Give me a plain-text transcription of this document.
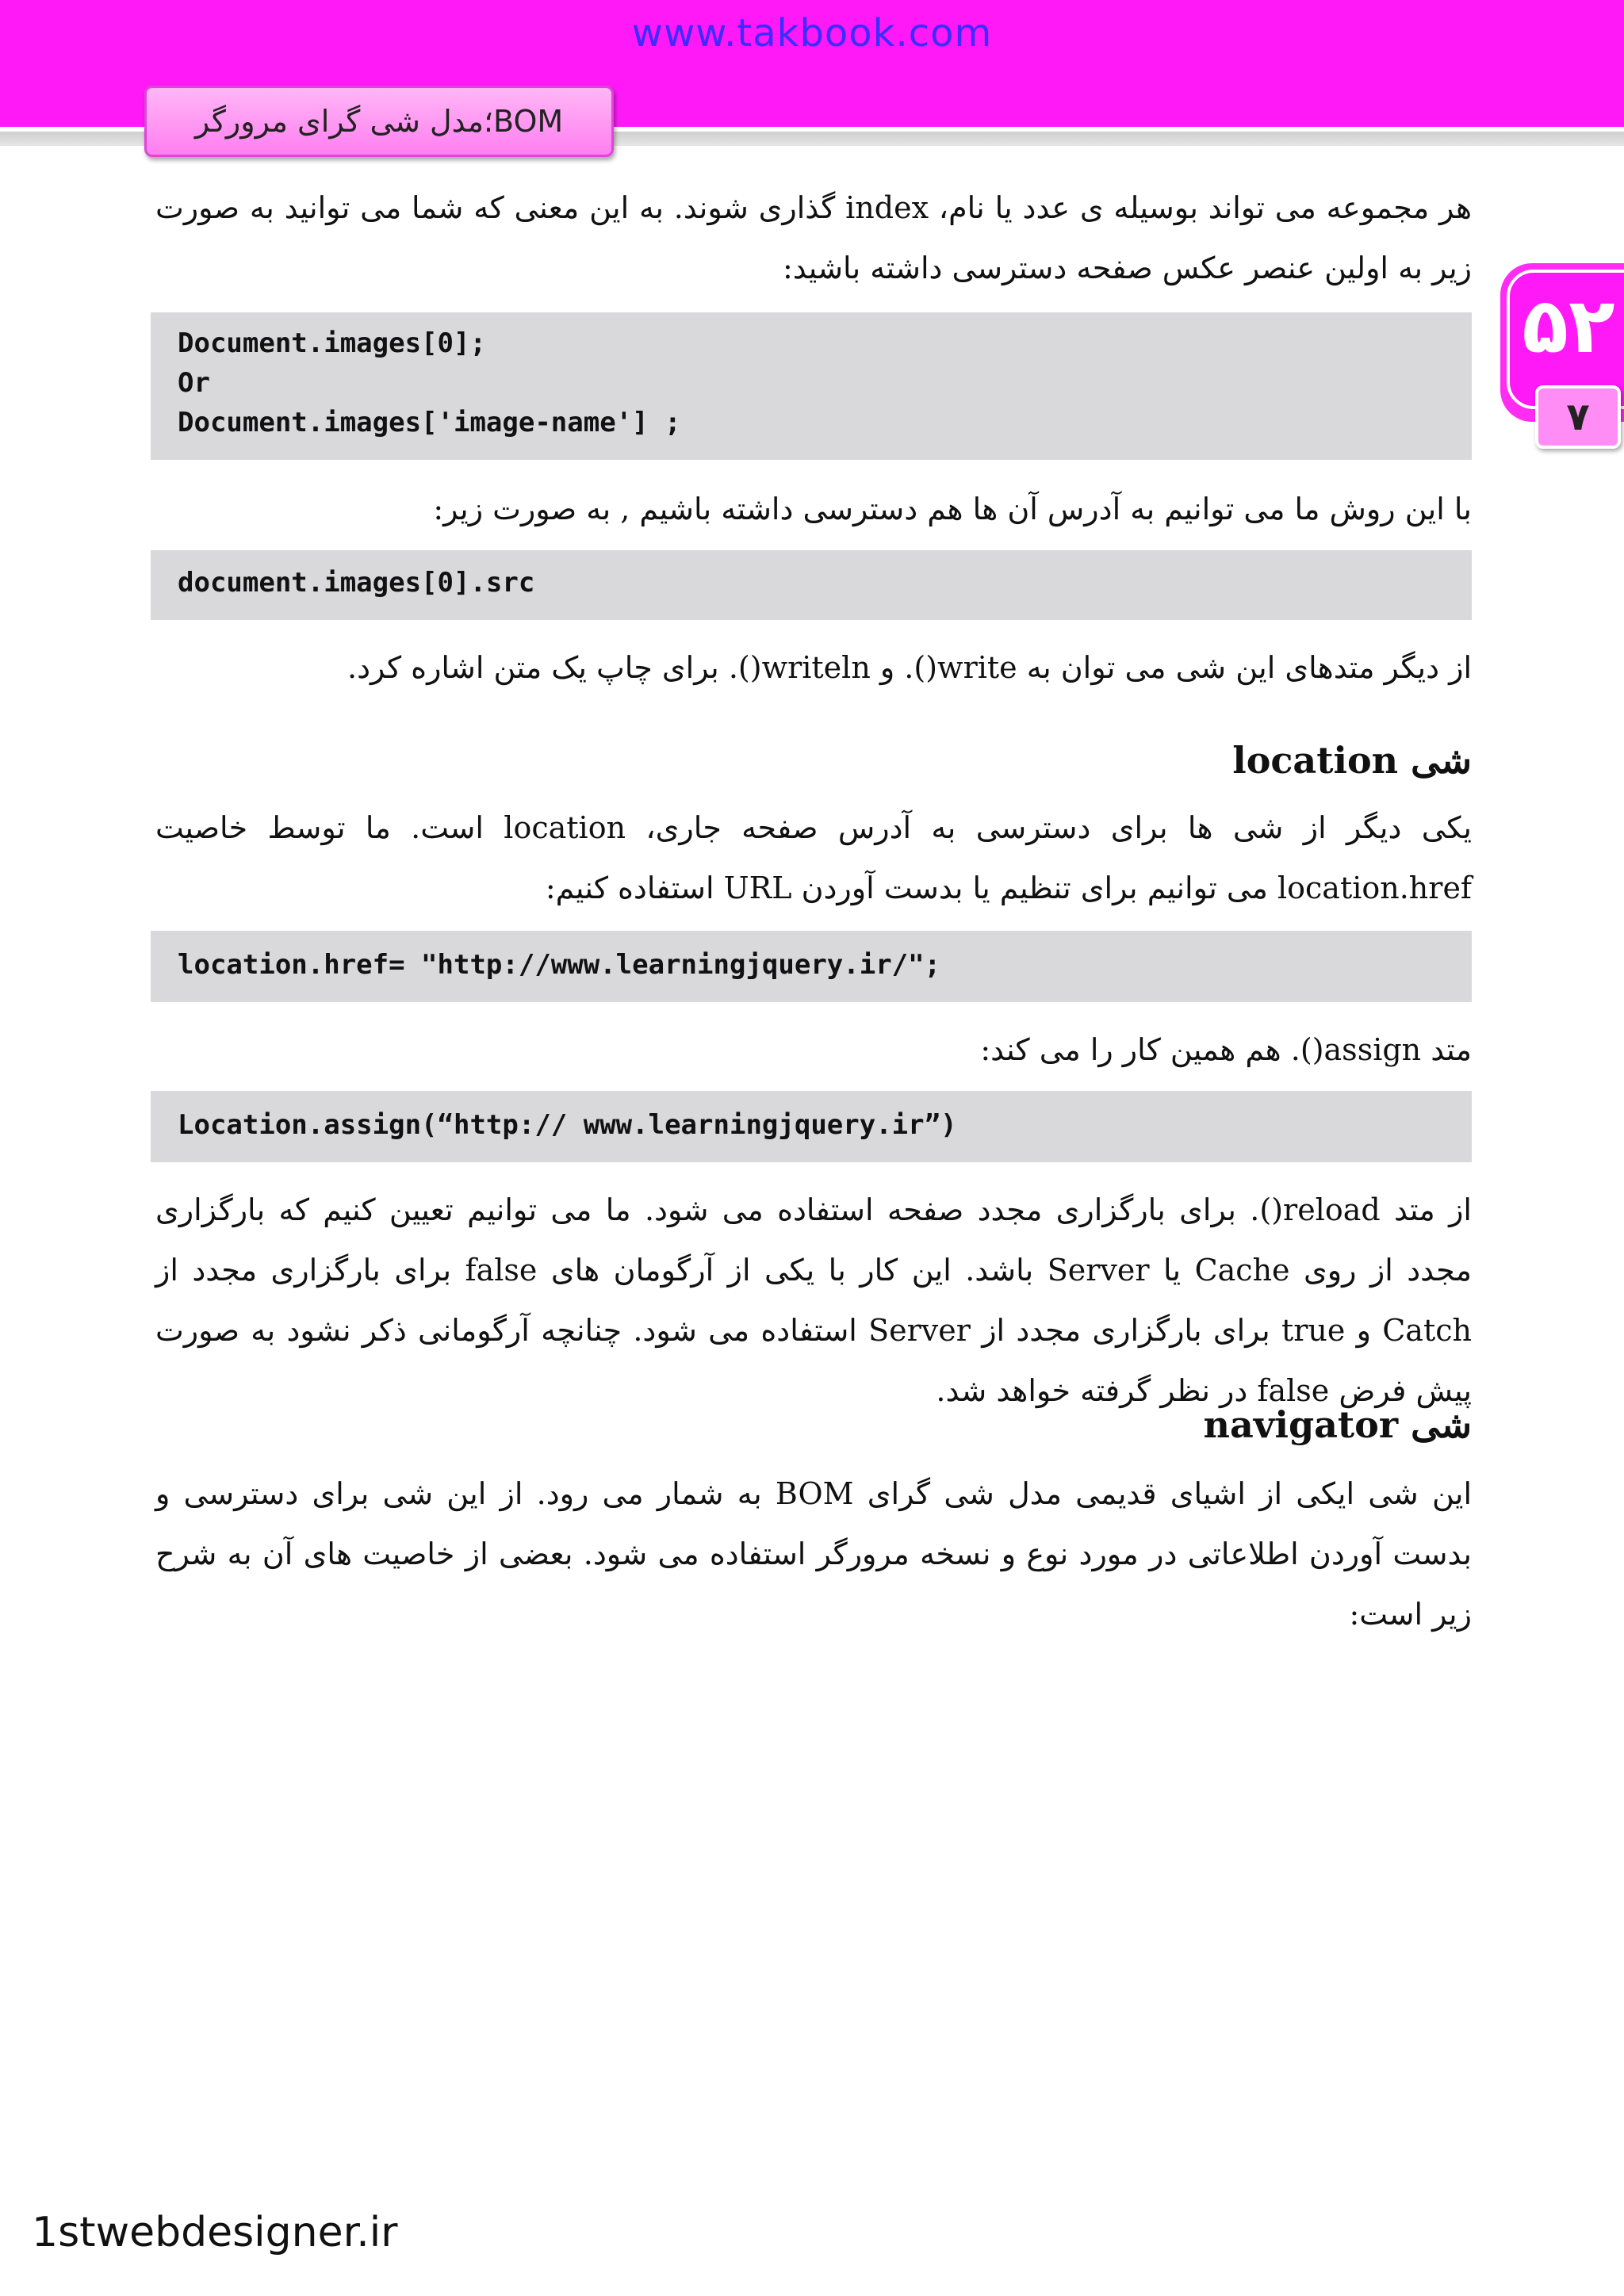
www.takbook.com
BOM؛مدل شی گرای مرورگر
۵۲
۷
هر مجموعه می تواند بوسیله ی عدد یا نام، index گذاری شوند. به این معنی که شما می توانید به صورت زیر به اولین عنصر عکس صفحه دسترسی داشته باشید:
Document.images[0];
Or
Document.images['image-name'] ;
با این روش ما می توانیم به آدرس آن ها هم دسترسی داشته باشیم , به صورت زیر:
document.images[0].src
از دیگر متدهای این شی می توان به write(). و writeln(). برای چاپ یک متن اشاره کرد.
شی location
یکی دیگر از شی ها برای دسترسی به آدرس صفحه جاری، location است. ما توسط خاصیت location.href می توانیم برای تنظیم یا بدست آوردن URL استفاده کنیم:
location.href= "http://www.learningjquery.ir/";
متد assign(). هم همین کار را می کند:
Location.assign(“http:// www.learningjquery.ir”)
از متد reload(). برای بارگزاری مجدد صفحه استفاده می شود. ما می توانیم تعیین کنیم که بارگزاری مجدد از روی Cache یا Server باشد. این کار با یکی از آرگومان های false برای بارگزاری مجدد از Catch و true برای بارگزاری مجدد از Server استفاده می شود. چنانچه آرگومانی ذکر نشود به صورت پیش فرض false در نظر گرفته خواهد شد.
شی navigator
این شی ایکی از اشیای قدیمی مدل شی گرای BOM به شمار می رود. از این شی برای دسترسی و بدست آوردن اطلاعاتی در مورد نوع و نسخه مرورگر استفاده می شود. بعضی از خاصیت های آن به شرح زیر است:
1stwebdesigner.ir
